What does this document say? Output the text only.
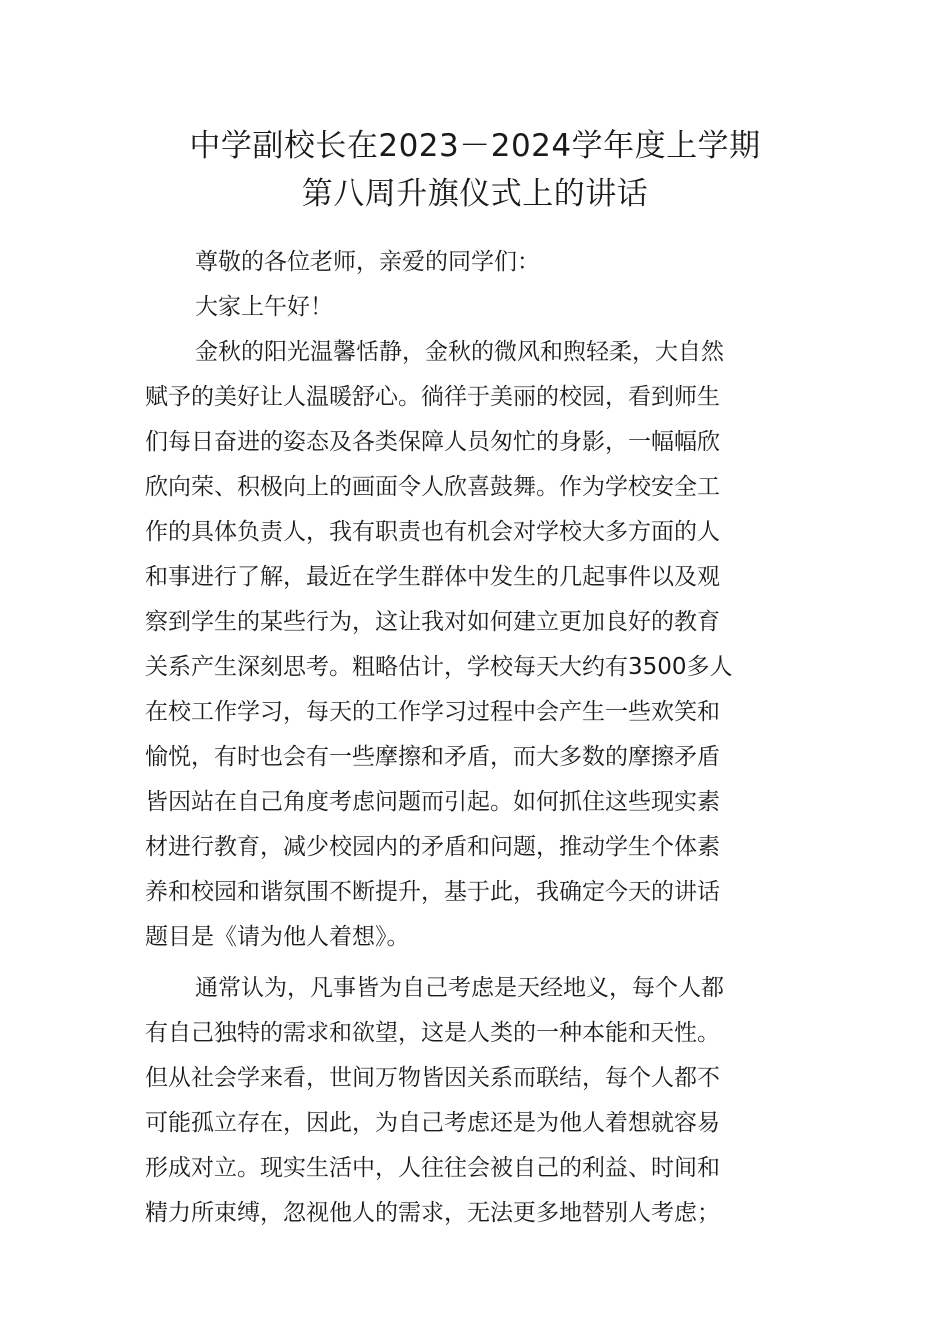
中学副校长在2023－2024学年度上学期
第八周升旗仪式上的讲话

尊敬的各位老师，亲爱的同学们：

大家上午好！

金秋的阳光温馨恬静，金秋的微风和煦轻柔，大自然

赋予的美好让人温暖舒心。徜徉于美丽的校园，看到师生

们每日奋进的姿态及各类保障人员匆忙的身影，一幅幅欣

欣向荣、积极向上的画面令人欣喜鼓舞。作为学校安全工

作的具体负责人，我有职责也有机会对学校大多方面的人

和事进行了解，最近在学生群体中发生的几起事件以及观

察到学生的某些行为，这让我对如何建立更加良好的教育

关系产生深刻思考。粗略估计，学校每天大约有3500多人

在校工作学习，每天的工作学习过程中会产生一些欢笑和

愉悦，有时也会有一些摩擦和矛盾，而大多数的摩擦矛盾

皆因站在自己角度考虑问题而引起。如何抓住这些现实素

材进行教育，减少校园内的矛盾和问题，推动学生个体素

养和校园和谐氛围不断提升，基于此，我确定今天的讲话

题目是《请为他人着想》。

通常认为，凡事皆为自己考虑是天经地义，每个人都

有自己独特的需求和欲望，这是人类的一种本能和天性。

但从社会学来看，世间万物皆因关系而联结，每个人都不

可能孤立存在，因此，为自己考虑还是为他人着想就容易

形成对立。现实生活中，人往往会被自己的利益、时间和

精力所束缚，忽视他人的需求，无法更多地替别人考虑；
